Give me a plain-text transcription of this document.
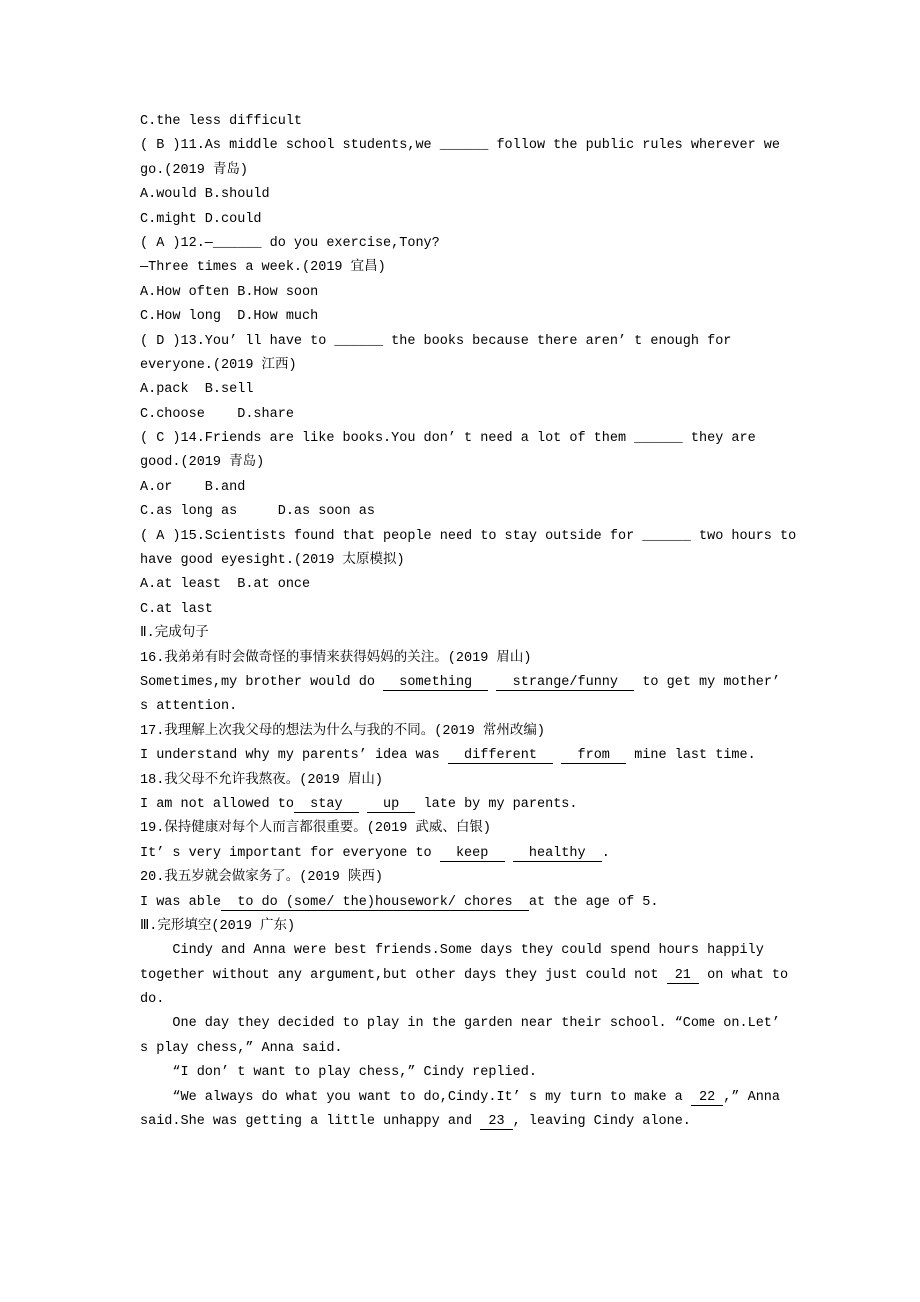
C.the less difficult
( B )11.As middle school students,we ______ follow the public rules wherever we
go.(2019 青岛)
A.would B.should
C.might D.could
( A )12.—______ do you exercise,Tony?
—Three times a week.(2019 宜昌)
A.How often B.How soon
C.How long  D.How much
( D )13.You’ ll have to ______ the books because there aren’ t enough for
everyone.(2019 江西)
A.pack  B.sell
C.choose    D.share
( C )14.Friends are like books.You don’ t need a lot of them ______ they are
good.(2019 青岛)
A.or    B.and
C.as long as     D.as soon as
( A )15.Scientists found that people need to stay outside for ______ two hours to
have good eyesight.(2019 太原模拟)
A.at least  B.at once
C.at last
Ⅱ.完成句子
16.我弟弟有时会做奇怪的事情来获得妈妈的关注。(2019 眉山)
Sometimes,my brother would do   something     strange/funny   to get my mother’
s attention.
17.我理解上次我父母的想法为什么与我的不同。(2019 常州改编)
I understand why my parents’ idea was   different     from   mine last time.
18.我父母不允许我熬夜。(2019 眉山)
I am not allowed to  stay     up   late by my parents.
19.保持健康对每个人而言都很重要。(2019 武威、白银)
It’ s very important for everyone to   keep     healthy  .
20.我五岁就会做家务了。(2019 陕西)
I was able  to do (some/ the)housework/ chores  at the age of 5.
Ⅲ.完形填空(2019 广东)
Cindy and Anna were best friends.Some days they could spend hours happily
together without any argument,but other days they just could not  21  on what to
do.
One day they decided to play in the garden near their school. “Come on.Let’
s play chess,” Anna said.
“I don’ t want to play chess,” Cindy replied.
“We always do what you want to do,Cindy.It’ s my turn to make a  22 ,” Anna
said.She was getting a little unhappy and  23 , leaving Cindy alone.
